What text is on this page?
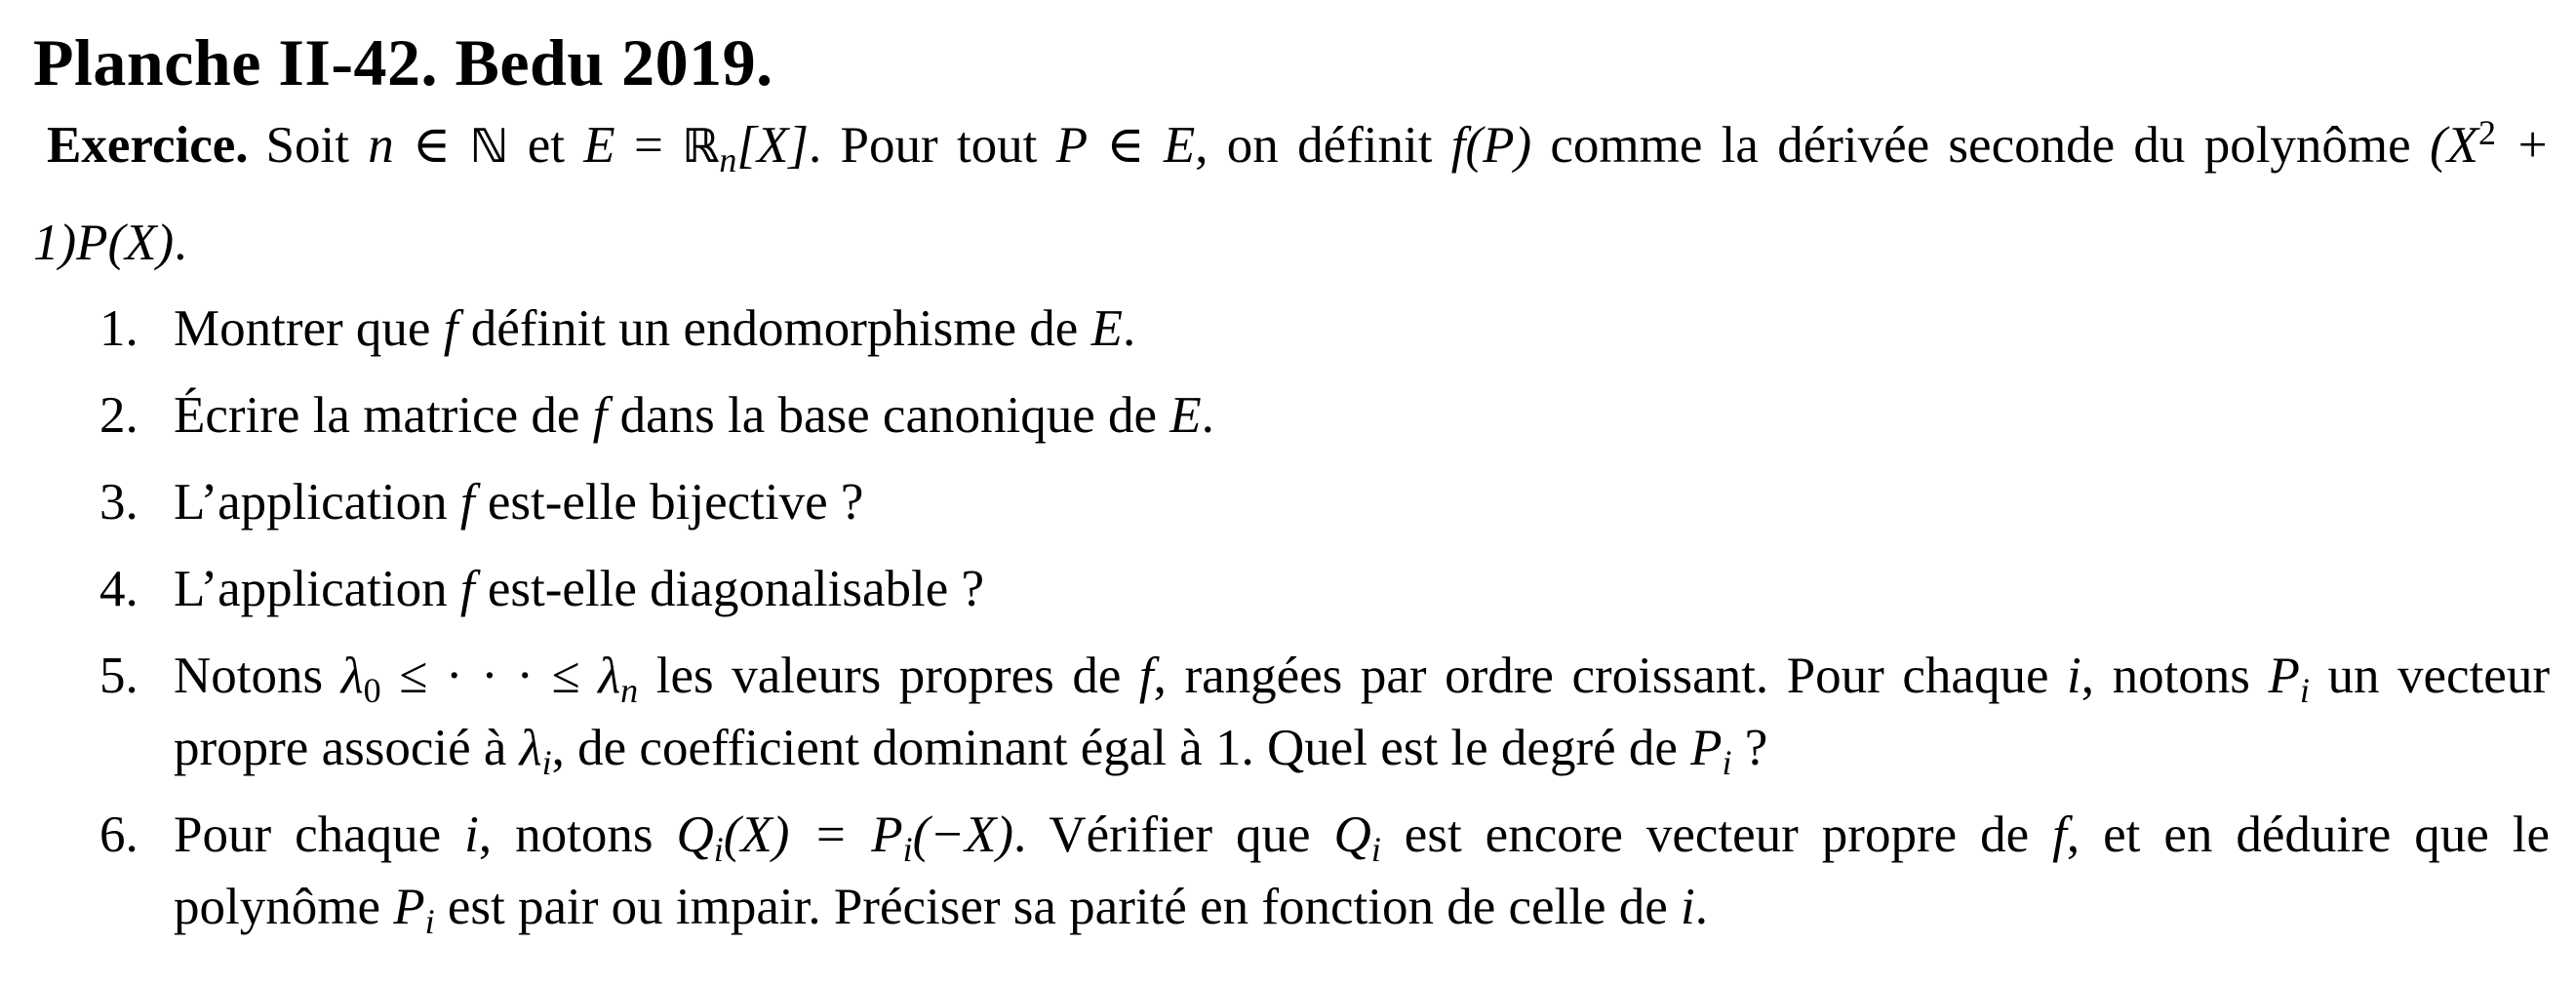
Planche II-42. Bedu 2019.

Exercice. Soit n ∈ ℕ et E = ℝ$_n$[X]. Pour tout P ∈ E, on définit f(P) comme la dérivée seconde du polynôme $(X^2 + 1)P(X)$.

1. Montrer que f définit un endomorphisme de E.
2. Écrire la matrice de f dans la base canonique de E.
3. L’application f est-elle bijective ?
4. L’application f est-elle diagonalisable ?
5. Notons $\lambda_0$ ≤ · · · ≤ $\lambda_n$ les valeurs propres de f, rangées par ordre croissant. Pour chaque i, notons $P_i$ un vecteur propre associé à $\lambda_i$, de coefficient dominant égal à 1. Quel est le degré de $P_i$ ?
6. Pour chaque i, notons $Q_i(X) = P_i(-X)$. Vérifier que $Q_i$ est encore vecteur propre de f, et en déduire que le polynôme $P_i$ est pair ou impair. Préciser sa parité en fonction de celle de i.
